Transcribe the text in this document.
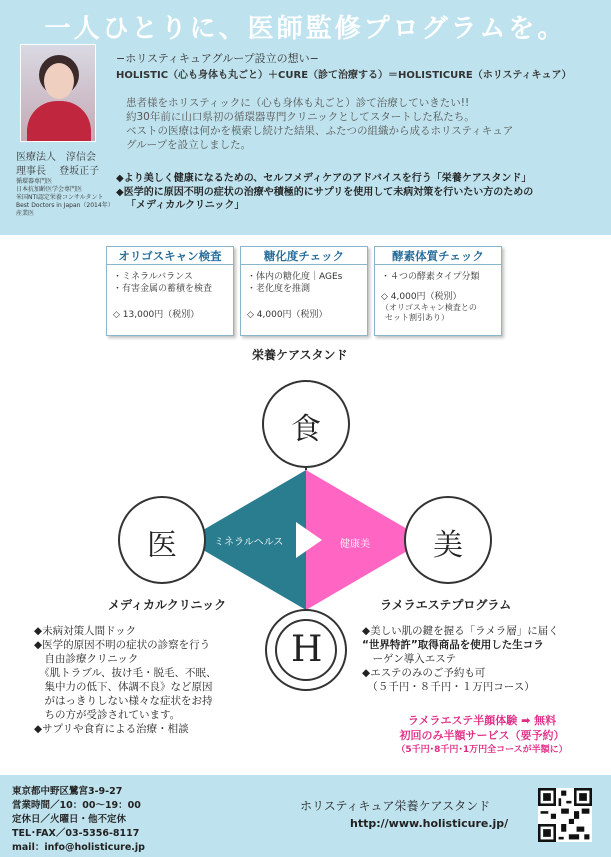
一人ひとりに、医師監修プログラムを。
医療法人　淳信会
理事長　 登坂正子
循環器専門医
日本抗加齢医学会専門医
米国NTI認定栄養コンサルタント
Best Doctors in Japan（2014年）
産業医
−ホリスティキュアグループ設立の想い−
HOLISTIC（心も身体も丸ごと）＋CURE（診て治療する）＝HOLISTICURE（ホリスティキュア）
患者様をホリスティックに（心も身体も丸ごと）診て治療していきたい!!
約30年前に山口県初の循環器専門クリニックとしてスタートした私たち。
ベストの医療は何かを模索し続けた結果、ふたつの組織から成るホリスティキュア
グループを設立しました。
◆より美しく健康になるための、セルフメディケアのアドバイスを行う「栄養ケアスタンド」
◆医学的に原因不明の症状の治療や積極的にサプリを使用して未病対策を行いたい方のための
「メディカルクリニック」
オリゴスキャン検査
・ミネラルバランス
・有害金属の蓄積を検査
◇ 13,000円（税別）
糖化度チェック
・体内の糖化度｜AGEs
・老化度を推測
◇ 4,000円（税別）
酵素体質チェック
・４つの酵素タイプ分類
◇ 4,000円（税別）
（オリゴスキャン検査との
セット割引あり）
栄養ケアスタンド
食
医	美
ミネラルヘルス	健康美
H
メディカルクリニック	ラメラエステプログラム
◆未病対策人間ドック
◆医学的原因不明の症状の診察を行う
　自由診療クリニック
　《肌トラブル、抜け毛・脱毛、不眠、
　集中力の低下、体調不良》など原因
　がはっきりしない様々な症状をお持
　ちの方が受診されています。
◆サプリや食育による治療・相談
◆美しい肌の鍵を握る「ラメラ層」に届く
“世界特許”取得商品を使用した生コラ
　ーゲン導入エステ
◆エステのみのご予約も可
　（５千円・８千円・１万円コース）
ラメラエステ半顔体験 ➡ 無料
初回のみ半額サービス（要予約）
（5千円･8千円･1万円全コースが半額に）
東京都中野区鷺宮3-9-27
営業時間／10：00～19：00
定休日／火曜日・他不定休
TEL･FAX／03-5356-8117
mail：info@holisticure.jp
ホリスティキュア栄養ケアスタンド
http://www.holisticure.jp/
